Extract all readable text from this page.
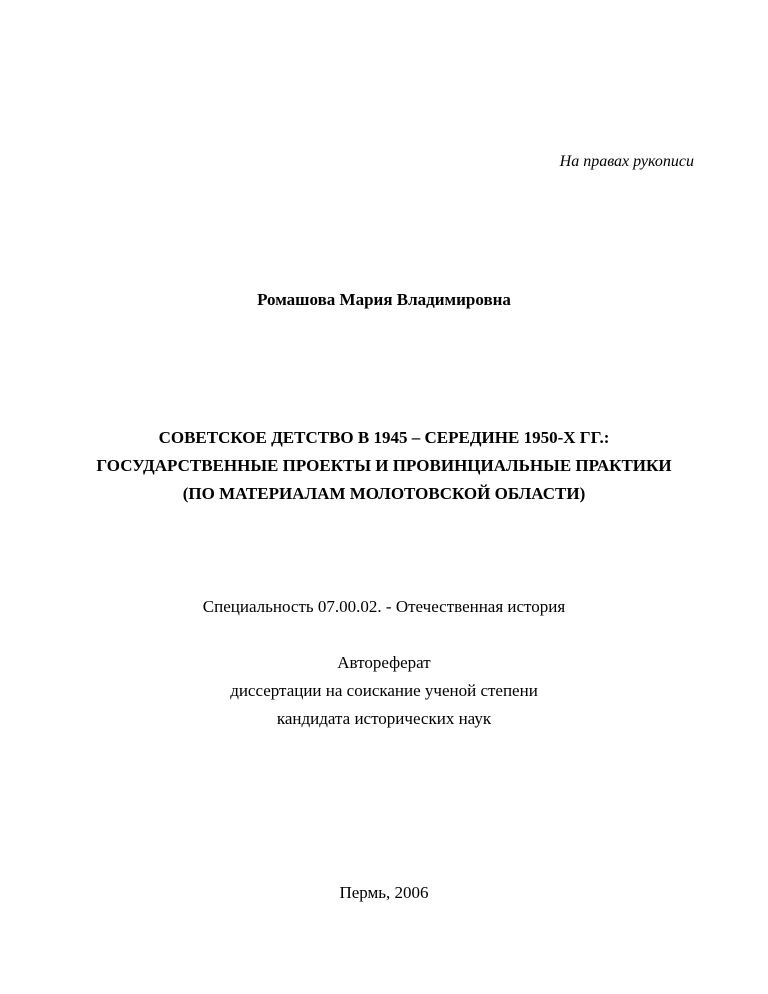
На правах рукописи
Ромашова Мария Владимировна
СОВЕТСКОЕ ДЕТСТВО В 1945 – СЕРЕДИНЕ 1950-Х ГГ.:
ГОСУДАРСТВЕННЫЕ ПРОЕКТЫ И ПРОВИНЦИАЛЬНЫЕ ПРАКТИКИ
(ПО МАТЕРИАЛАМ МОЛОТОВСКОЙ ОБЛАСТИ)
Специальность 07.00.02. - Отечественная история
Автореферат
диссертации на соискание ученой степени
кандидата исторических наук
Пермь, 2006
